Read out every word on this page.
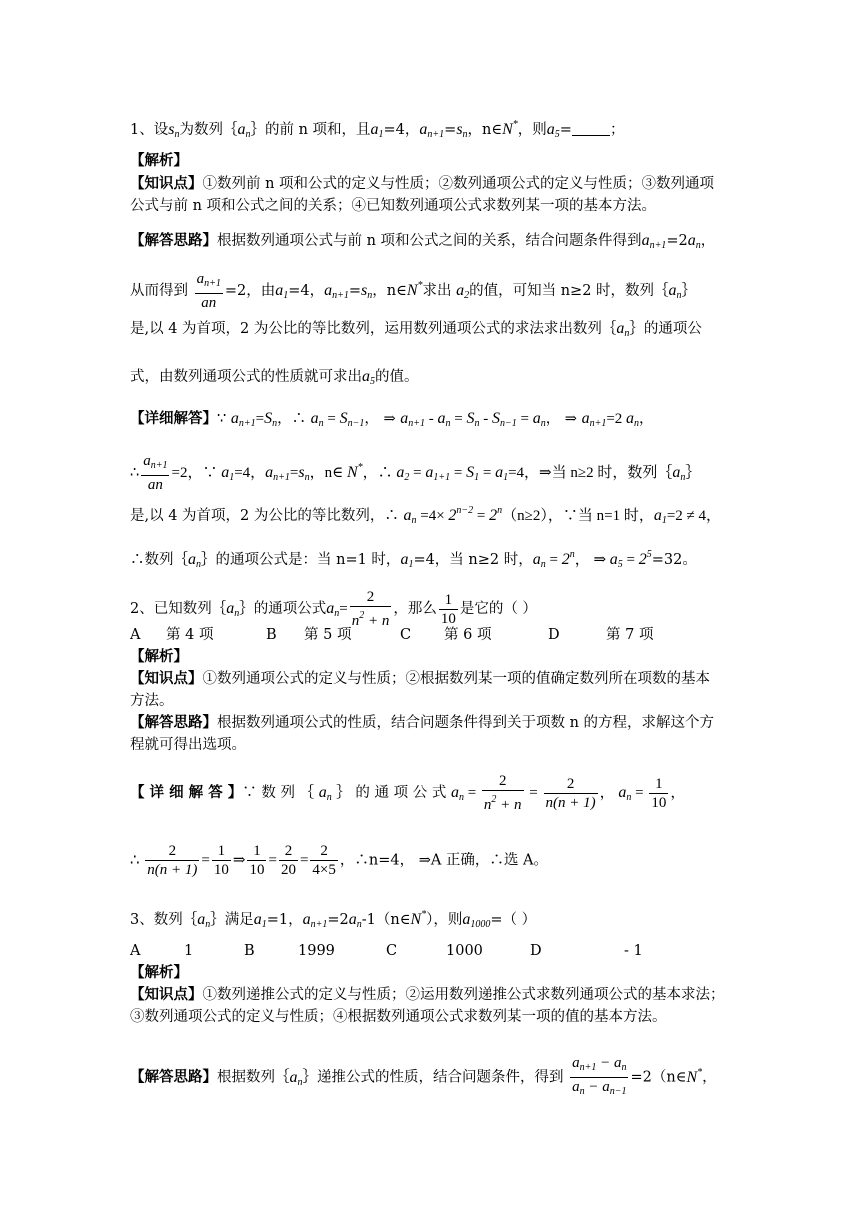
1、设$s_n$为数列$\{a_n\}$的前 n 项和，且$a_1=4$，$a_{n+1}=s_n$，n∈N*，则$a_5=$	；
【解析】
【知识点】①数列前 n 项和公式的定义与性质；②数列通项公式的定义与性质；③数列通项
公式与前 n 项和公式之间的关系；④已知数列通项公式求数列某一项的基本方法。
【解答思路】根据数列通项公式与前 n 项和公式之间的关系，结合问题条件得到$a_{n+1}=2a_n$，
从而得到 $\frac{a_{n+1}}{an} =2$，由$a_1=4$，$a_{n+1}=s_n$，n∈N*求出 $a_2$的值，可知当 n≥2 时，数列$\{a_n\}$
是,以 4 为首项，2 为公比的等比数列，运用数列通项公式的求法求出数列$\{a_n\}$的通项公
式，由数列通项公式的性质就可求出$a_5$的值。
【详细解答】∵ $a_{n+1}=S_n$，∴ $a_n = S_{n-1}$， ⇒ $a_{n+1} - a_n = S_n - S_{n-1} = a_n$， ⇒ $a_{n+1}=2$ $a_n$，
∴ $\frac{a_{n+1}}{an} =2$，∵ $a_1=4$，$a_{n+1}=s_n$，n∈ N*，∴ $a_2 = a_{1+1} = S_1 = a_1=4$，⇒当 n≥2 时，数列$\{a_n\}$
是,以 4 为首项，2 为公比的等比数列，∴ $a_n =4\times 2^{n-2} = 2^n(n\ge 2)$，∵当 n=1 时，$a_1=2 \ne 4$，
∴数列$\{a_n\}$的通项公式是：当 n=1 时，$a_1=4$，当 n≥2 时，$a_n = 2^n$， ⇒ $a_5 = 2^5=32$。
2、已知数列$\{a_n\}$的通项公式$a_n= \frac{2}{n^2 + n}$ ，那么 $\frac{1}{10}$ 是它的（ ）
A 第 4 项	B 第 5 项	C 第 6 项	D	第 7 项
【解析】
【知识点】①数列通项公式的定义与性质；②根据数列某一项的值确定数列所在项数的基本
方法。
【解答思路】根据数列通项公式的性质，结合问题条件得到关于项数 n 的方程，求解这个方
程就可得出选项。
【 详 细 解 答 】∵ 数 列 ｛ $a_n$ ｝ 的 通 项 公 式 $a_n = \frac{2}{n^2 + n} = \frac{2}{n(n + 1)}$ ， $a_n = \frac{1}{10}$ ，
∴ $\frac{2}{n(n + 1)} = \frac{1}{10}$ ⇒ $\frac{1}{10} = \frac{2}{20} = \frac{2}{4\times 5}$ ，∴n=4， ⇒A 正确，∴选 A。
3、数列$\{a_n\}$满足$a_1=1$，$a_{n+1}=2a_n-1(n\in N^*)$，则$a_{1000}=$（ ）
A	1	B	1999	C	1000	D	- 1
【解析】
【知识点】①数列递推公式的定义与性质；②运用数列递推公式求数列通项公式的基本求法；
③数列通项公式的定义与性质；④根据数列通项公式求数列某一项的值的基本方法。
【解答思路】根据数列$\{a_n\}$递推公式的性质，结合问题条件，得到 $\frac{a_{n+1} - a_n}{a_n - a_{n-1}}$ =2（n∈N*，
